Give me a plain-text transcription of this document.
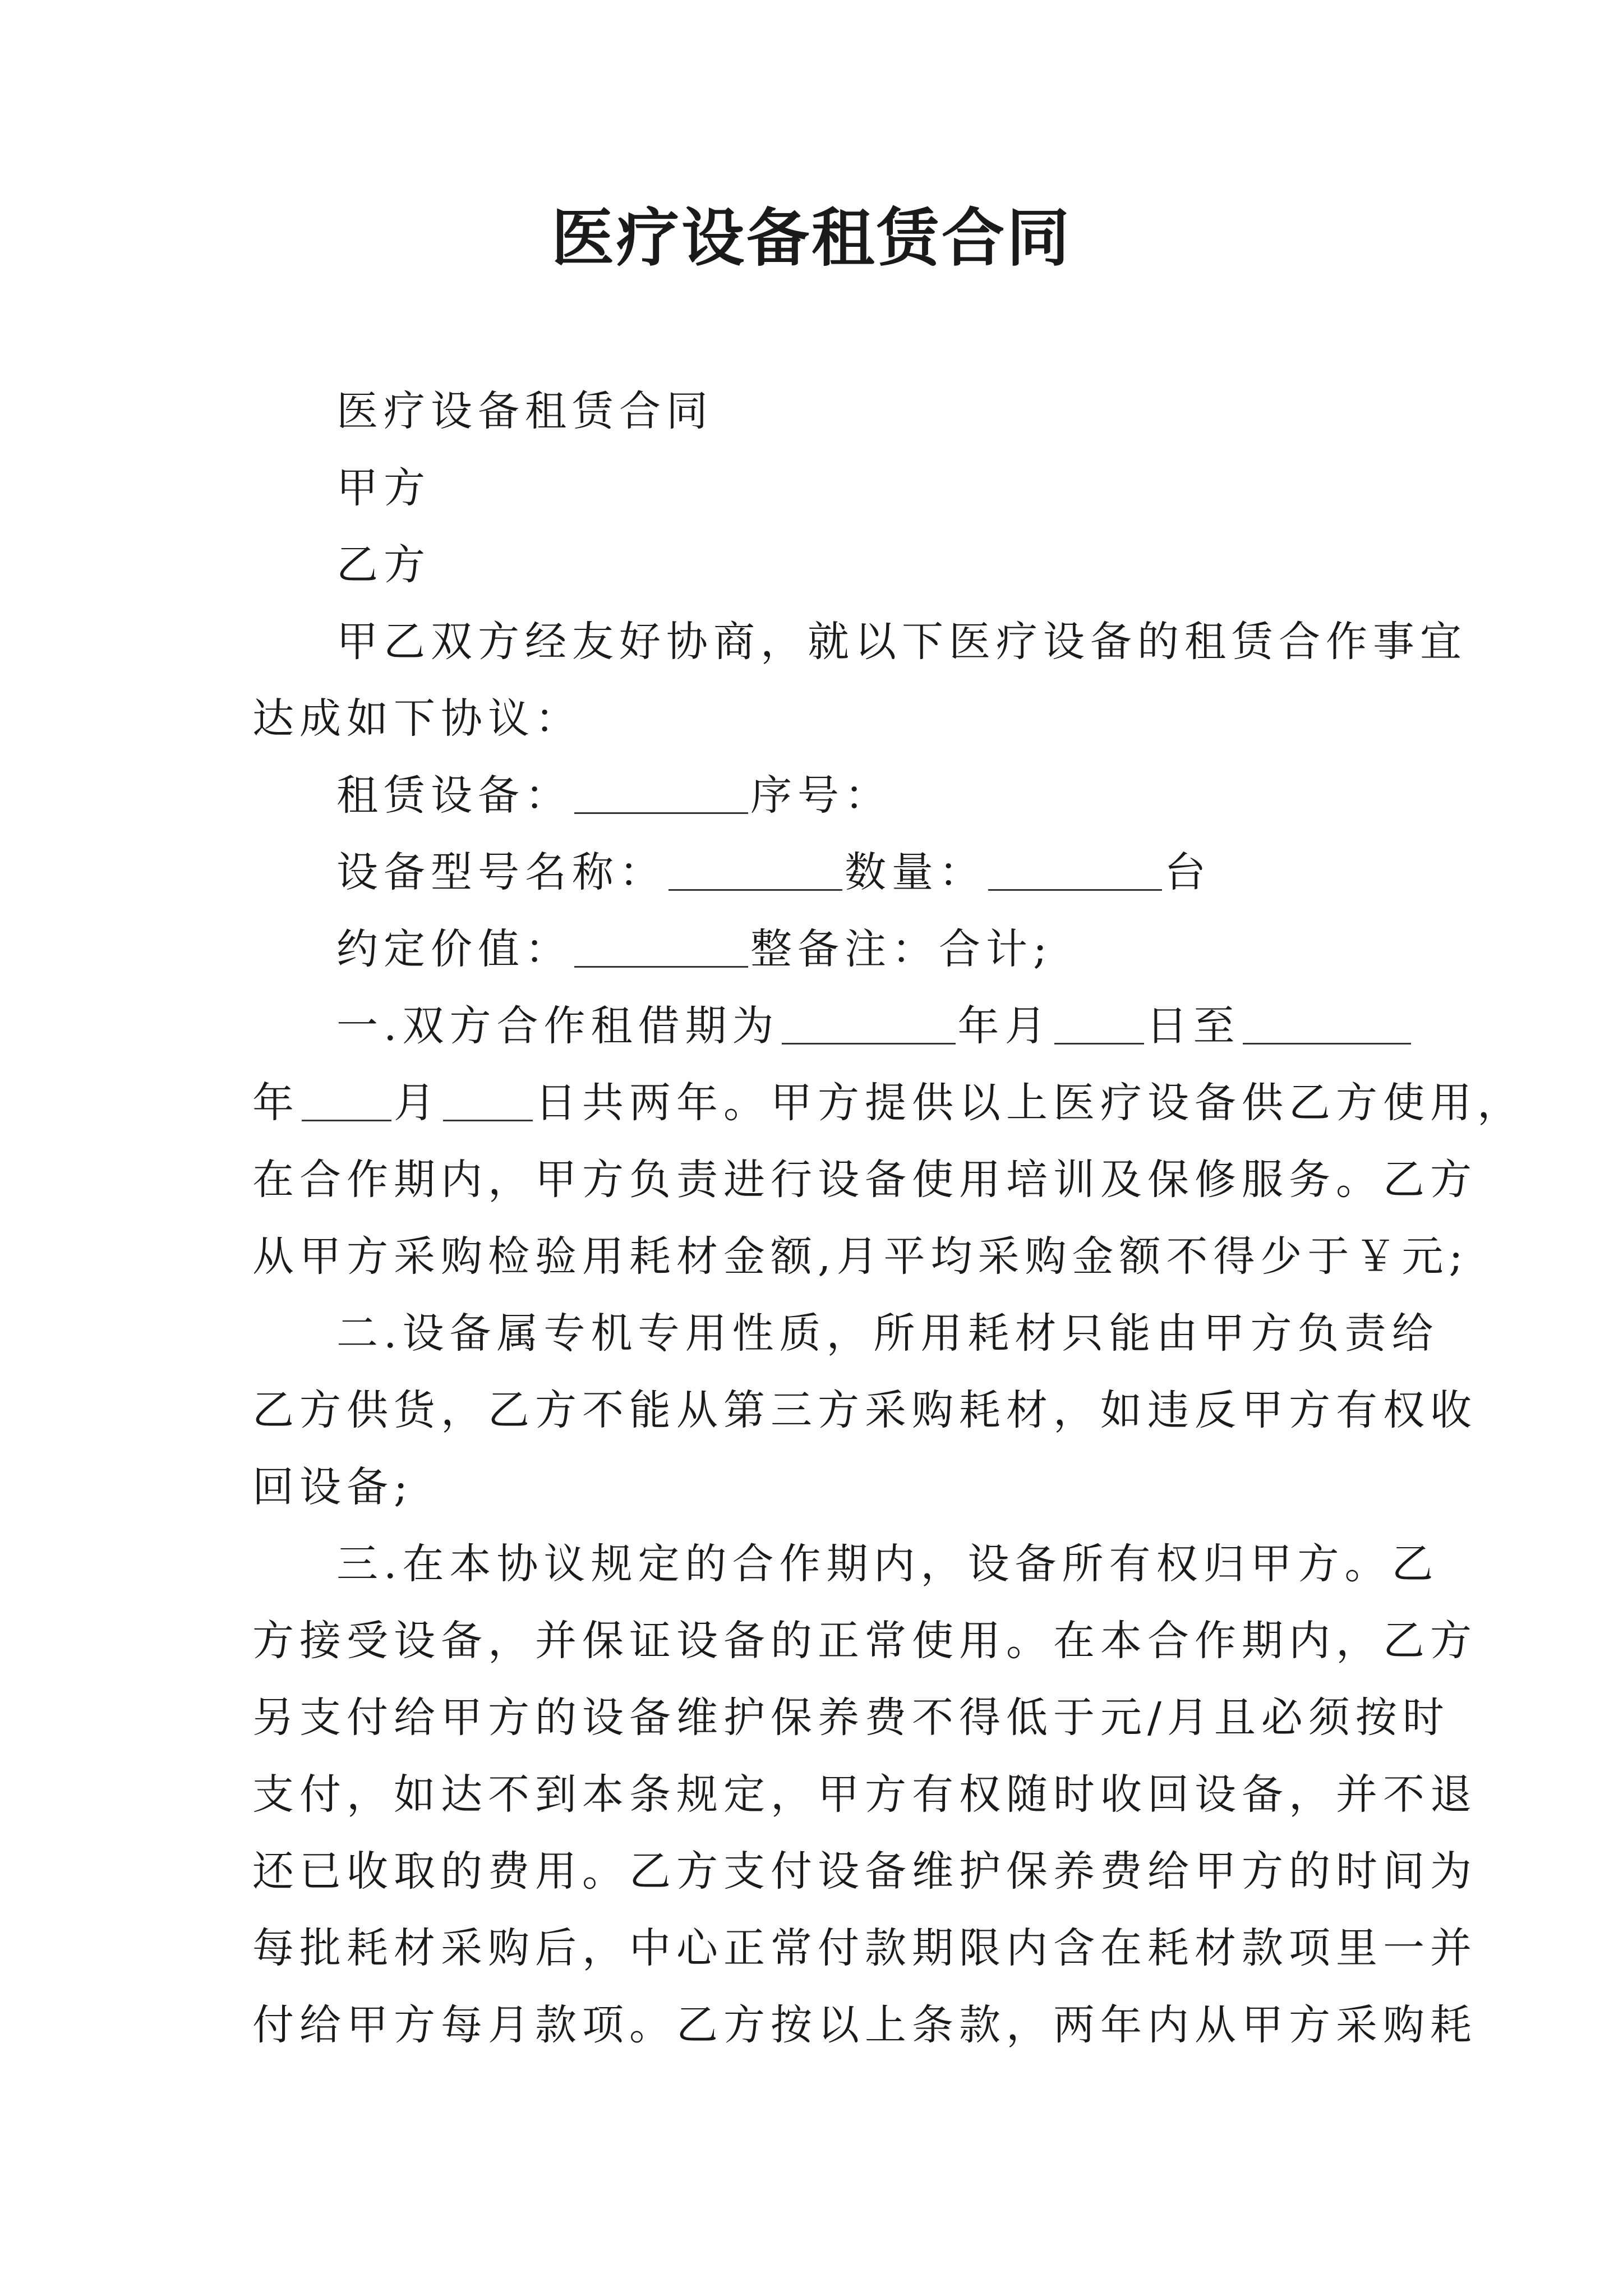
医疗设备租赁合同
医疗设备租赁合同
甲方
乙方
甲乙双方经友好协商，就以下医疗设备的租赁合作事宜
达成如下协议：
租赁设备：	序号：
设备型号名称：	数量：	台
约定价值：	整备注：合计;
一.双方合作租借期为	年月 日至
年 月 日共两年。甲方提供以上医疗设备供乙方使用，
在合作期内，甲方负责进行设备使用培训及保修服务。乙方
从甲方采购检验用耗材金额,月平均采购金额不得少于￥元;
二.设备属专机专用性质，所用耗材只能由甲方负责给
乙方供货，乙方不能从第三方采购耗材，如违反甲方有权收
回设备;
三.在本协议规定的合作期内，设备所有权归甲方。乙
方接受设备，并保证设备的正常使用。在本合作期内，乙方
另支付给甲方的设备维护保养费不得低于元/月且必须按时
支付，如达不到本条规定，甲方有权随时收回设备，并不退
还已收取的费用。乙方支付设备维护保养费给甲方的时间为
每批耗材采购后，中心正常付款期限内含在耗材款项里一并
付给甲方每月款项。乙方按以上条款，两年内从甲方采购耗
